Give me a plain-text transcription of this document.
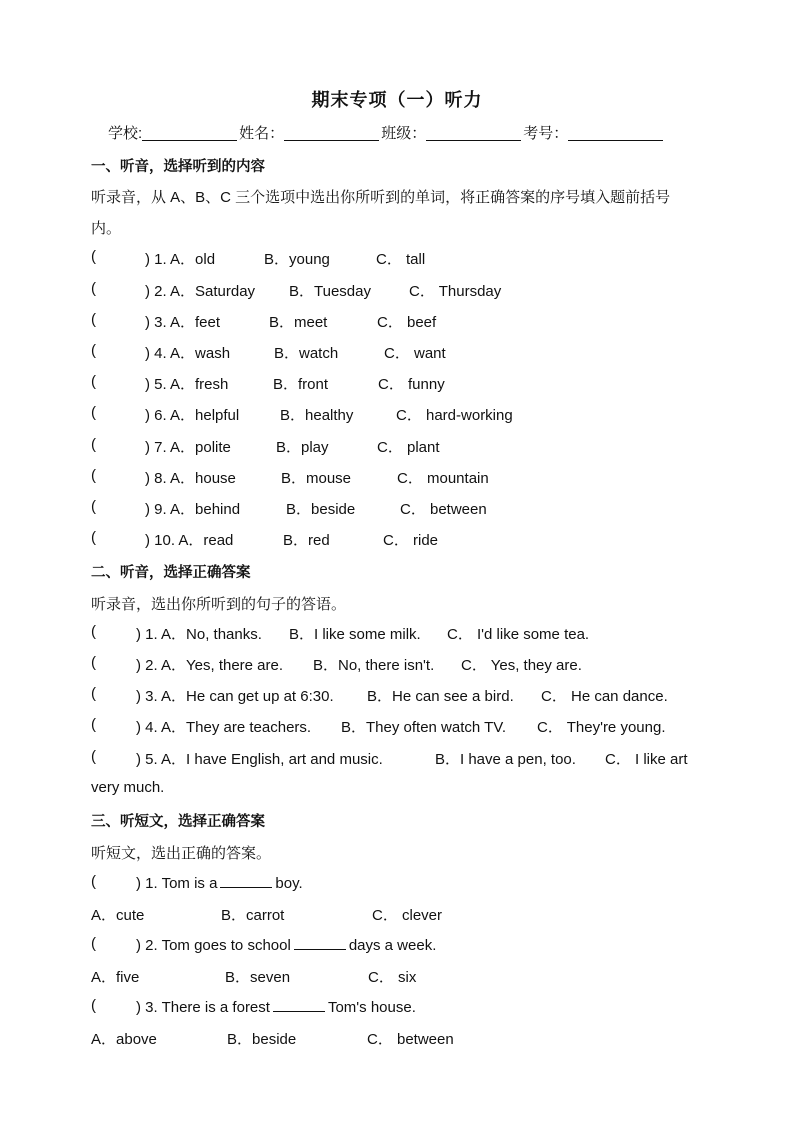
期末专项（一）听力
学校:	姓名：	班级：	考号：
一、听音，选择听到的内容
听录音，从 A、B、C 三个选项中选出你所听到的单词，将正确答案的序号填入题前括号
内。
二、听音，选择正确答案
听录音，选出你所听到的句子的答语。
very much.
三、听短文，选择正确答案
听短文，选出正确的答案。
(	) 1. A．old	B．young	C． tall
(	) 2. A．Saturday B．Tuesday	C． Thursday
(	) 3. A．feet	B．meet	C． beef
(	) 4. A．wash	B．watch	C． want
(	) 5. A．fresh	B．front	C． funny
(	) 6. A．helpful	B．healthy	C． hard-working
(	) 7. A．polite	B．play	C． plant
(	) 8. A．house	B．mouse	C． mountain
(	) 9. A．behind	B．beside	C． between
(	) 10. A．read	B．red	C． ride
(	) 1. A．No, thanks. B．I like some milk. C． I'd like some tea.
(	) 2. A．Yes, there are. B．No, there isn't. C． Yes, they are.
(	) 3. A．He can get up at 6:30. B．He can see a bird. C． He can dance.
(	) 4. A．They are teachers. B．They often watch TV. C． They're young.
(	) 5. A．I have English, art and music.	B．I have a pen, too. C． I like art
(	) 1. Tom is a	boy.
A．cute	B．carrot	C． clever
(	) 2. Tom goes to school	days a week.
A．five	B．seven	C． six
(	) 3. There is a forest	Tom's house.
A．above	B．beside	C． between
